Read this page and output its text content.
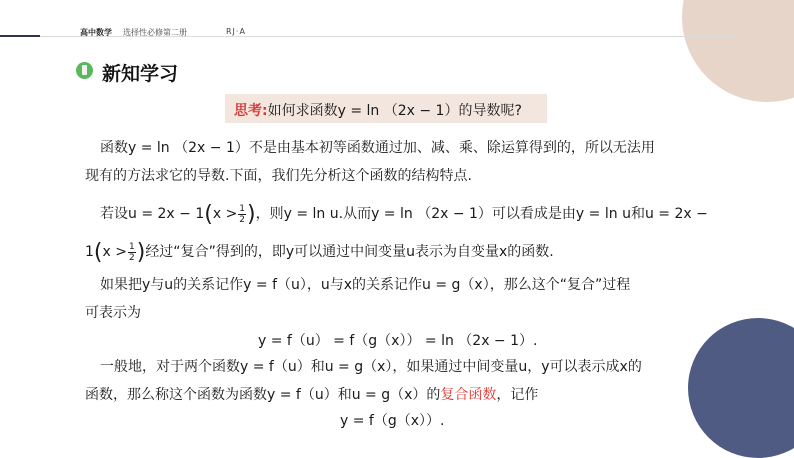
高中数学 选择性必修第二册	RJ·A
新知学习
思考:如何求函数y = ln （2x − 1）的导数呢?
函数y = ln （2x − 1）不是由基本初等函数通过加、减、乘、除运算得到的，所以无法用
现有的方法求它的导数.下面，我们先分析这个函数的结构特点.
若设$u = 2x - 1(x > \frac{1}{2}$ )，则y = ln u.从而y = ln （2x − 1）可以看成是由y = ln u和u = 2x −
$1(x > \frac{1}{2}$ )经过“复合”得到的，即y可以通过中间变量u表示为自变量x的函数.
如果把y与u的关系记作y = f（u），u与x的关系记作u = g（x），那么这个“复合”过程
可表示为
y = f（u） = f（g（x）） = ln （2x − 1）.
一般地，对于两个函数y = f（u）和u = g（x），如果通过中间变量u，y可以表示成x的
函数，那么称这个函数为函数y = f（u）和u = g（x）的复合函数，记作
y = f（g（x））.
